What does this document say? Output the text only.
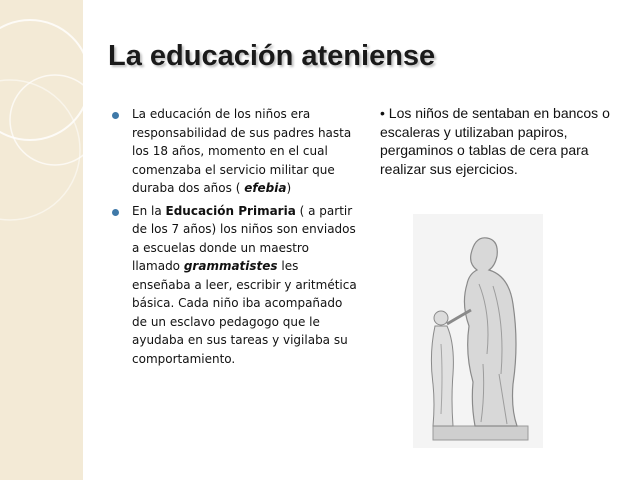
La educación ateniense
La educación de los niños era responsabilidad de sus padres hasta los 18 años, momento en el cual comenzaba el servicio militar que duraba dos años ( efebia)
En la Educación Primaria ( a partir de los 7 años) los niños son enviados a escuelas donde un maestro llamado grammatistes les enseñaba a leer, escribir y aritmética básica. Cada niño iba acompañado de un esclavo pedagogo que le ayudaba en sus tareas y vigilaba su comportamiento.
• Los niños de sentaban en bancos o escaleras y utilizaban papiros, pergaminos o tablas de cera para realizar sus ejercicios.
